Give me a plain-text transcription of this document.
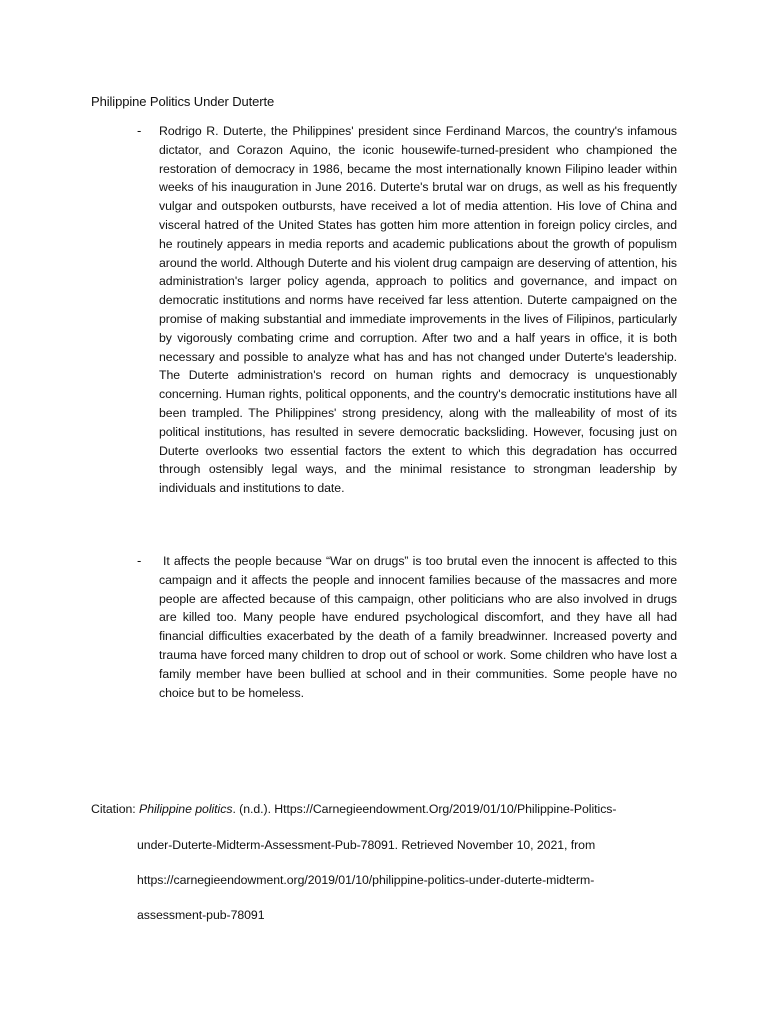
Philippine Politics Under Duterte
- Rodrigo R. Duterte, the Philippines' president since Ferdinand Marcos, the country's infamous dictator, and Corazon Aquino, the iconic housewife-turned-president who championed the restoration of democracy in 1986, became the most internationally known Filipino leader within weeks of his inauguration in June 2016. Duterte's brutal war on drugs, as well as his frequently vulgar and outspoken outbursts, have received a lot of media attention. His love of China and visceral hatred of the United States has gotten him more attention in foreign policy circles, and he routinely appears in media reports and academic publications about the growth of populism around the world. Although Duterte and his violent drug campaign are deserving of attention, his administration's larger policy agenda, approach to politics and governance, and impact on democratic institutions and norms have received far less attention. Duterte campaigned on the promise of making substantial and immediate improvements in the lives of Filipinos, particularly by vigorously combating crime and corruption. After two and a half years in office, it is both necessary and possible to analyze what has and has not changed under Duterte's leadership. The Duterte administration's record on human rights and democracy is unquestionably concerning. Human rights, political opponents, and the country's democratic institutions have all been trampled. The Philippines' strong presidency, along with the malleability of most of its political institutions, has resulted in severe democratic backsliding. However, focusing just on Duterte overlooks two essential factors the extent to which this degradation has occurred through ostensibly legal ways, and the minimal resistance to strongman leadership by individuals and institutions to date.
-	It affects the people because “War on drugs” is too brutal even the innocent is affected to this campaign and it affects the people and innocent families because of the massacres and more people are affected because of this campaign, other politicians who are also involved in drugs are killed too. Many people have endured psychological discomfort, and they have all had financial difficulties exacerbated by the death of a family breadwinner. Increased poverty and trauma have forced many children to drop out of school or work. Some children who have lost a family member have been bullied at school and in their communities. Some people have no choice but to be homeless.
Citation: Philippine politics. (n.d.). Https://Carnegieendowment.Org/2019/01/10/Philippine-Politics-
under-Duterte-Midterm-Assessment-Pub-78091. Retrieved November 10, 2021, from
https://carnegieendowment.org/2019/01/10/philippine-politics-under-duterte-midterm-
assessment-pub-78091
